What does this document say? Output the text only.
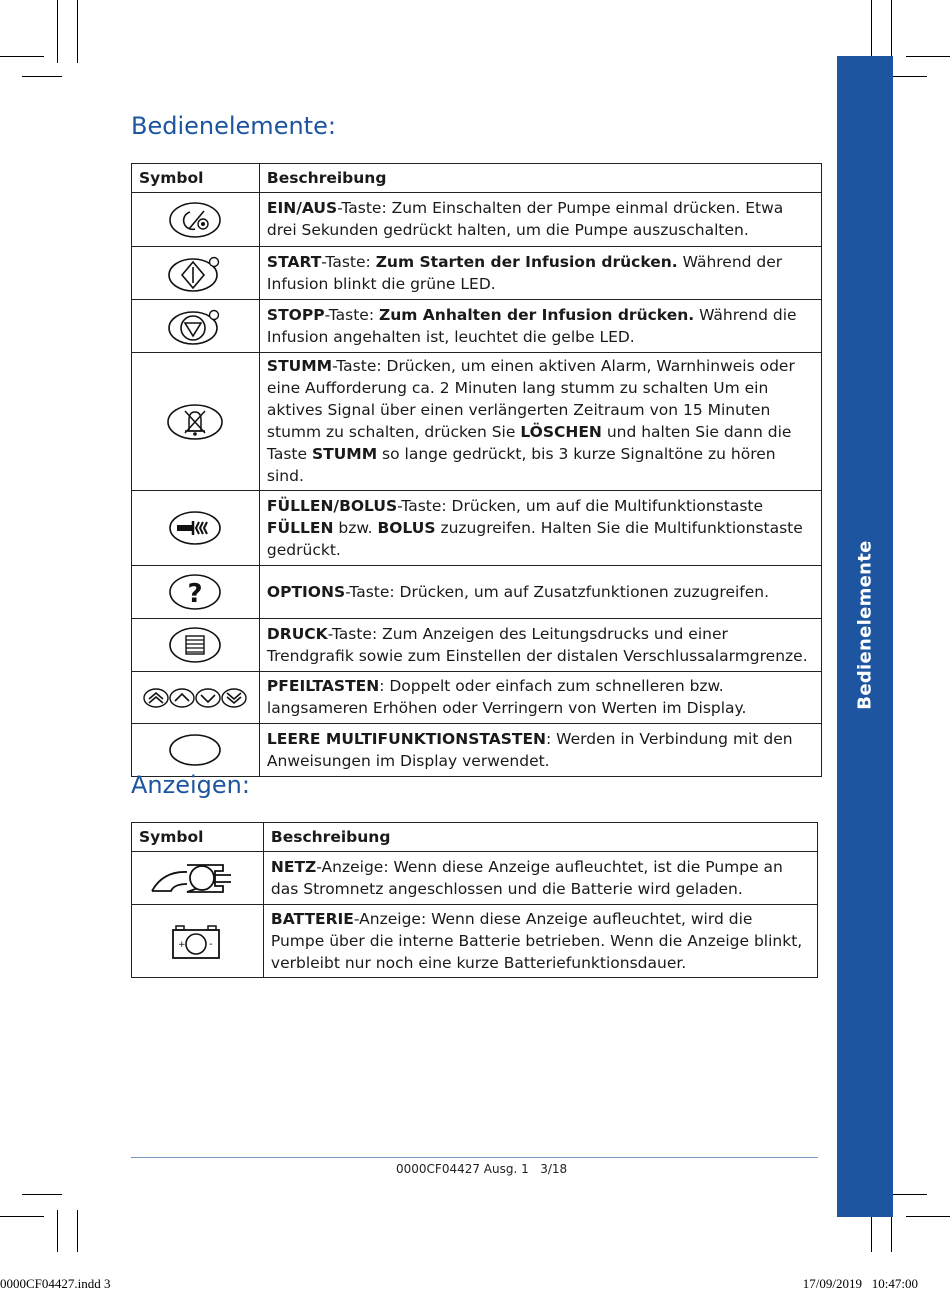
Bedienelemente
Bedienelemente:
Symbol	Beschreibung
	EIN/AUS-Taste: Zum Einschalten der Pumpe einmal drücken. Etwa drei Sekunden gedrückt halten, um die Pumpe auszuschalten.
	START-Taste: Zum Starten der Infusion drücken. Während der Infusion blinkt die grüne LED.
	STOPP-Taste: Zum Anhalten der Infusion drücken. Während die Infusion angehalten ist, leuchtet die gelbe LED.
	STUMM-Taste: Drücken, um einen aktiven Alarm, Warnhinweis oder eine Aufforderung ca. 2 Minuten lang stumm zu schalten Um ein aktives Signal über einen verlängerten Zeitraum von 15 Minuten stumm zu schalten, drücken Sie LÖSCHEN und halten Sie dann die Taste STUMM so lange gedrückt, bis 3 kurze Signaltöne zu hören sind.
	FÜLLEN/BOLUS-Taste: Drücken, um auf die Multifunktionstaste FÜLLEN bzw. BOLUS zuzugreifen. Halten Sie die Multifunktionstaste gedrückt.

?	OPTIONS-Taste: Drücken, um auf Zusatzfunktionen zuzugreifen.
	DRUCK-Taste: Zum Anzeigen des Leitungsdrucks und einer Trendgrafik sowie zum Einstellen der distalen Verschlussalarmgrenze.
	PFEILTASTEN: Doppelt oder einfach zum schnelleren bzw. langsameren Erhöhen oder Verringern von Werten im Display.
	LEERE MULTIFUNKTIONSTASTEN: Werden in Verbindung mit den Anweisungen im Display verwendet.
Anzeigen:
Symbol	Beschreibung
	NETZ-Anzeige: Wenn diese Anzeige aufleuchtet, ist die Pumpe an das Stromnetz angeschlossen und die Batterie wird geladen.

+ -	BATTERIE-Anzeige: Wenn diese Anzeige aufleuchtet, wird die Pumpe über die interne Batterie betrieben. Wenn die Anzeige blinkt, verbleibt nur noch eine kurze Batteriefunktionsdauer.
0000CF04427 Ausg. 1   3/18
0000CF04427.indd 3	17/09/2019   10:47:00
